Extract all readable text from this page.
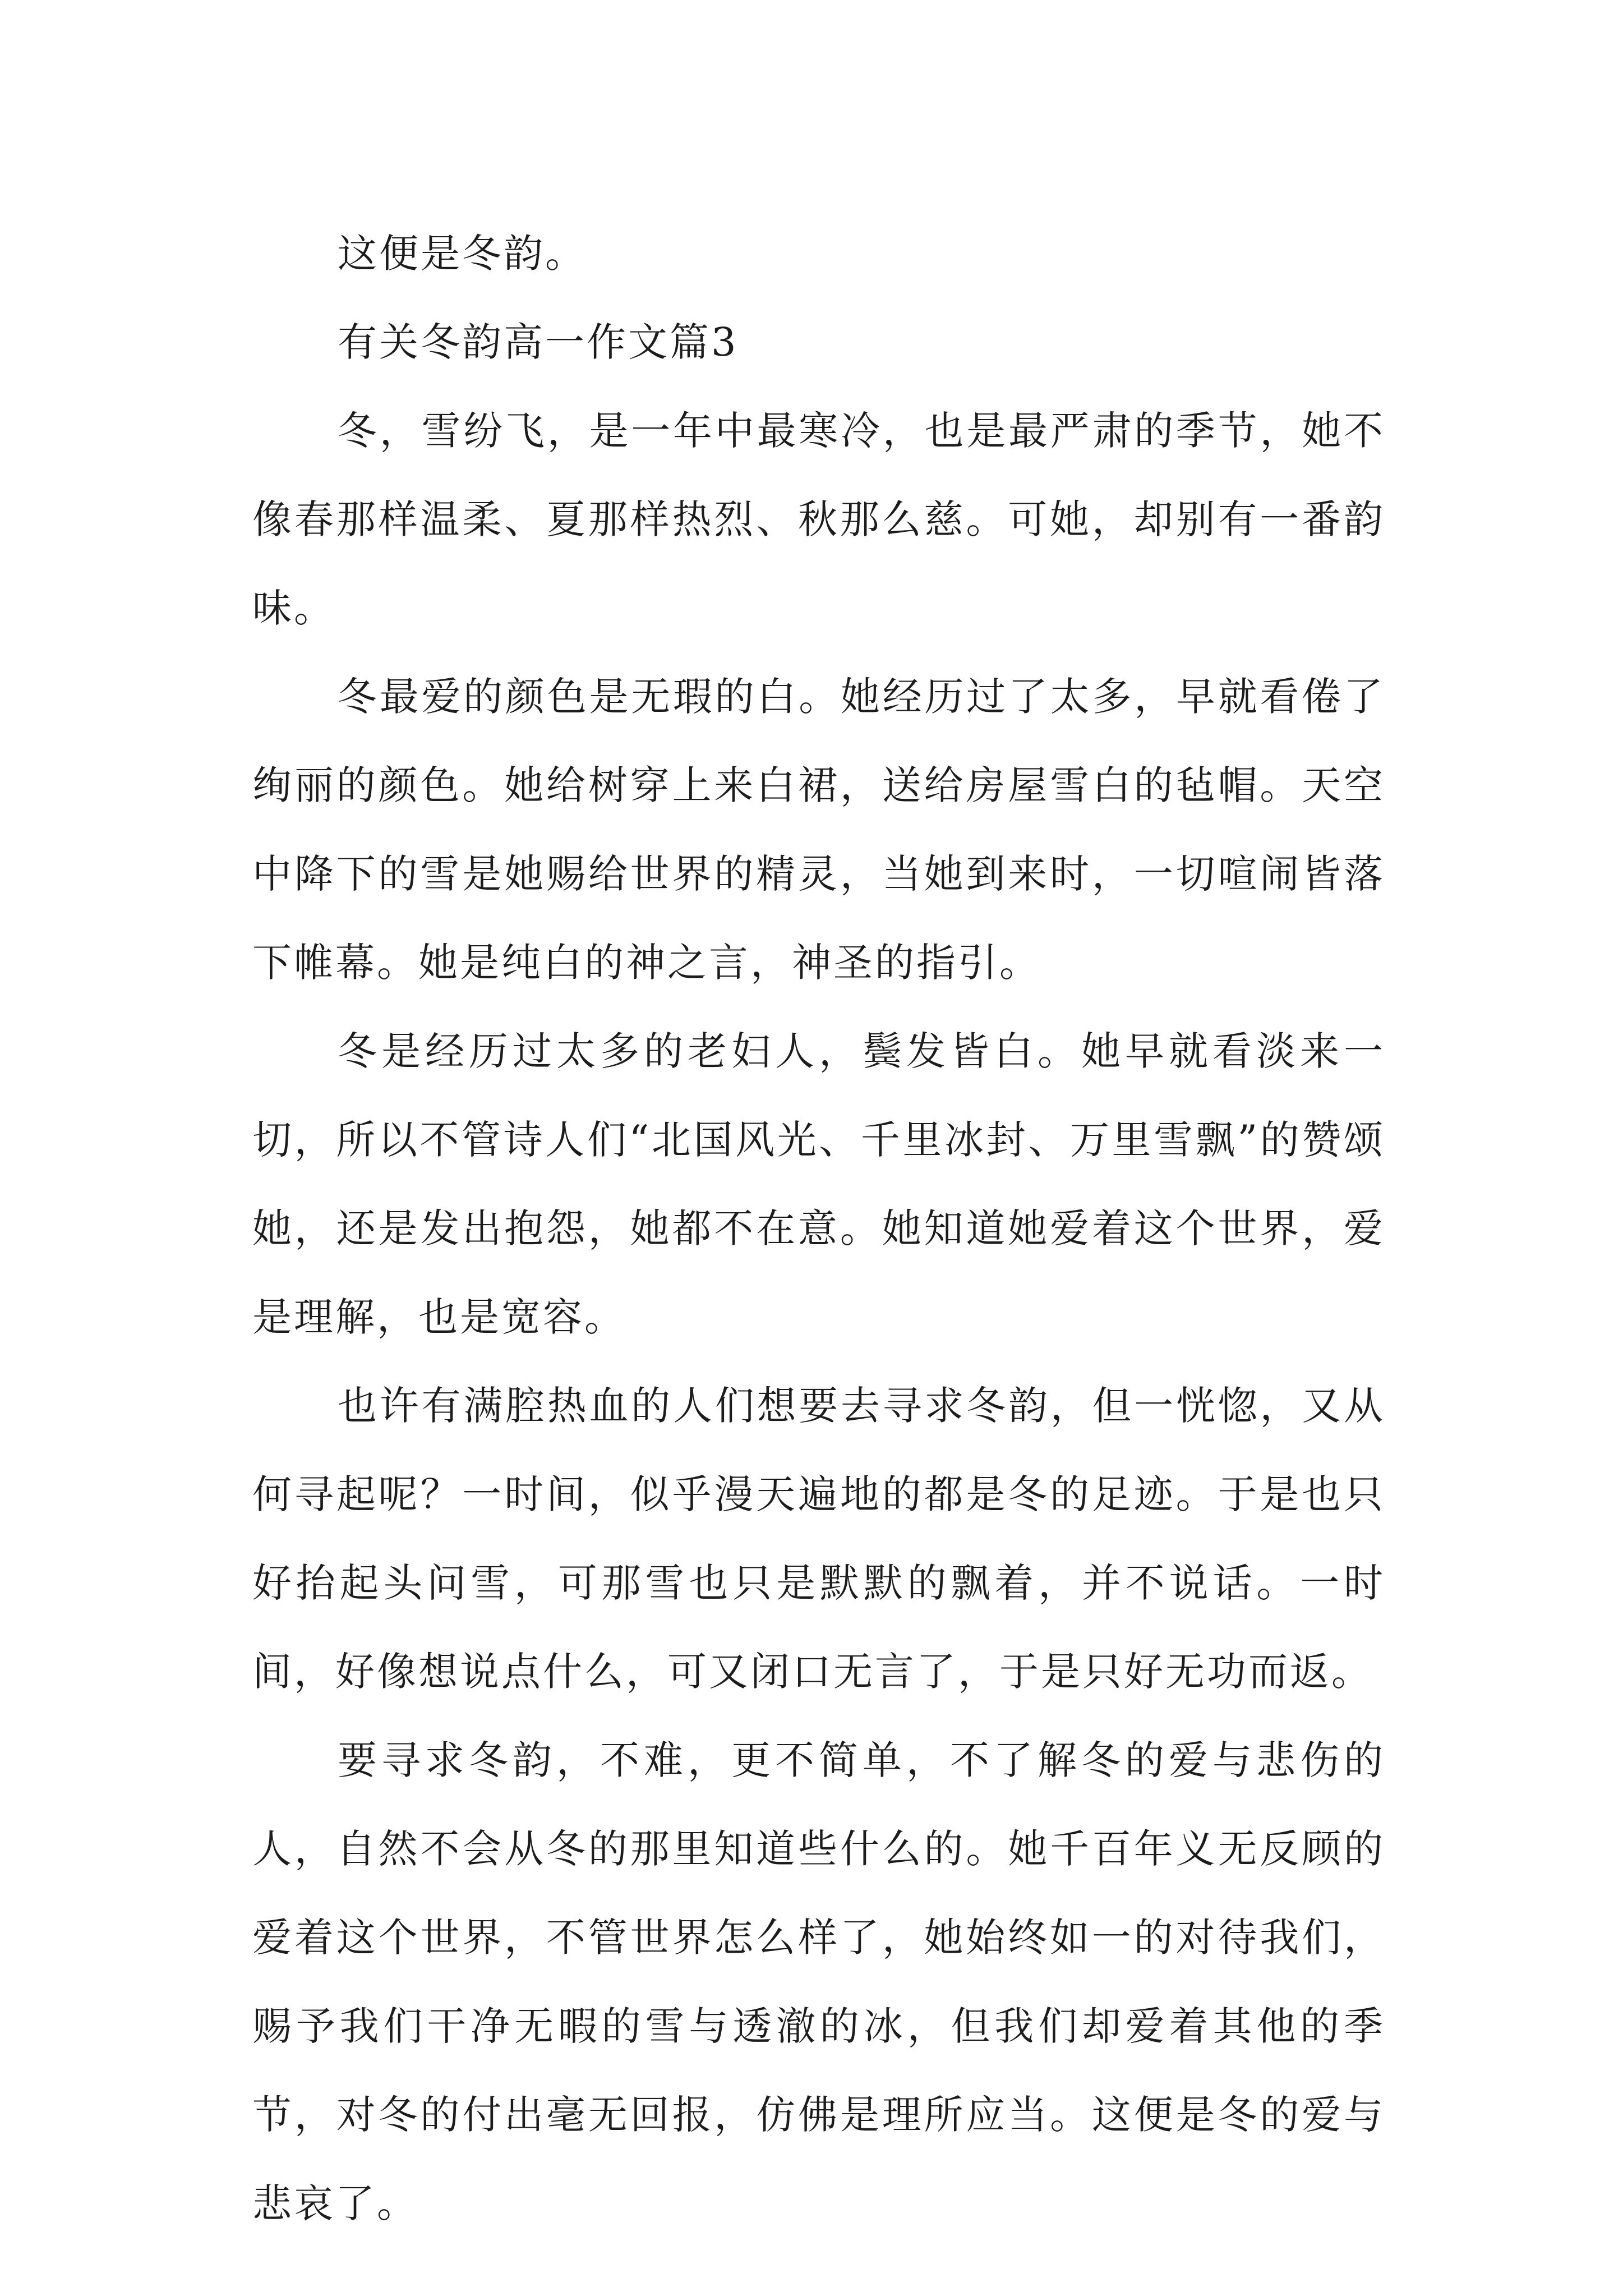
这便是冬韵。

有关冬韵高一作文篇3

冬，雪纷飞，是一年中最寒冷，也是最严肃的季节，她不像春那样温柔、夏那样热烈、秋那么慈。可她，却别有一番韵味。

冬最爱的颜色是无瑕的白。她经历过了太多，早就看倦了绚丽的颜色。她给树穿上来白裙，送给房屋雪白的毡帽。天空中降下的雪是她赐给世界的精灵，当她到来时，一切喧闹皆落下帷幕。她是纯白的神之言，神圣的指引。

冬是经历过太多的老妇人，鬓发皆白。她早就看淡来一切，所以不管诗人们“北国风光、千里冰封、万里雪飘”的赞颂她，还是发出抱怨，她都不在意。她知道她爱着这个世界，爱是理解，也是宽容。

也许有满腔热血的人们想要去寻求冬韵，但一恍惚，又从何寻起呢？一时间，似乎漫天遍地的都是冬的足迹。于是也只好抬起头问雪，可那雪也只是默默的飘着，并不说话。一时间，好像想说点什么，可又闭口无言了，于是只好无功而返。

要寻求冬韵，不难，更不简单，不了解冬的爱与悲伤的人，自然不会从冬的那里知道些什么的。她千百年义无反顾的爱着这个世界，不管世界怎么样了，她始终如一的对待我们，赐予我们干净无暇的雪与透澈的冰，但我们却爱着其他的季节，对冬的付出毫无回报，仿佛是理所应当。这便是冬的爱与悲哀了。
